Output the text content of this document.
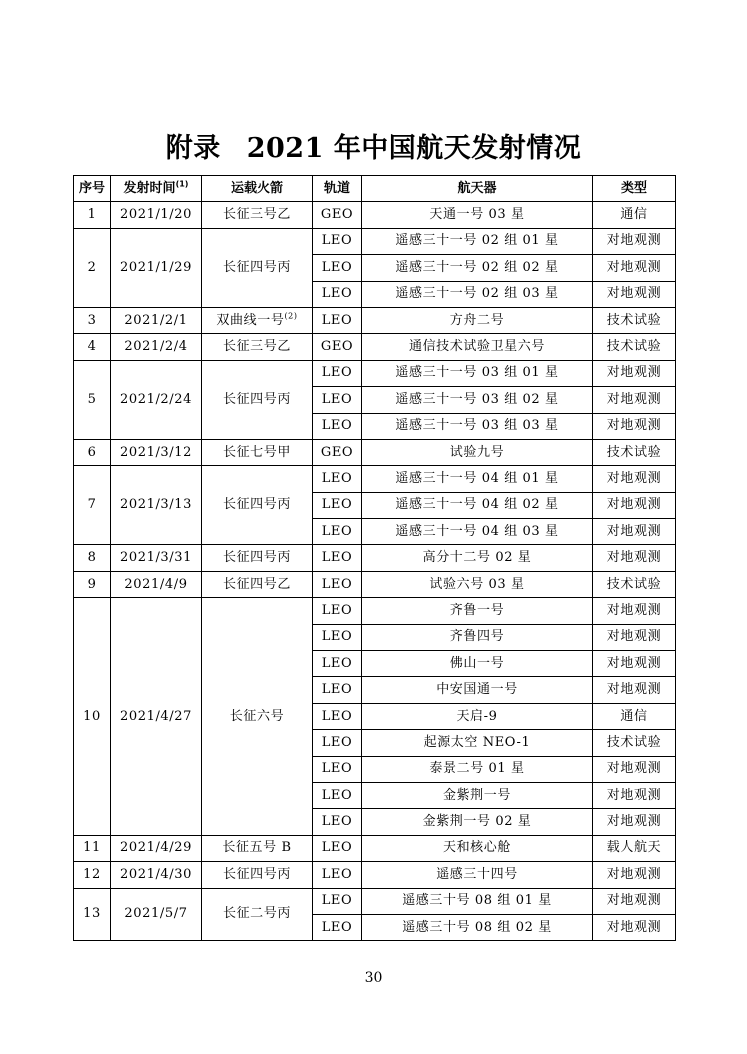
附录 2021 年中国航天发射情况
序号	发射时间$^{(1)}$	运载火箭	轨道	航天器	类型
1	2021/1/20	长征三号乙	GEO	天通一号 03 星	通信
2	2021/1/29	长征四号丙	LEO	遥感三十一号 02 组 01 星	对地观测
			LEO	遥感三十一号 02 组 02 星	对地观测
			LEO	遥感三十一号 02 组 03 星	对地观测
3	2021/2/1	双曲线一号$^{(2)}$	LEO	方舟二号	技术试验
4	2021/2/4	长征三号乙	GEO	通信技术试验卫星六号	技术试验
5	2021/2/24	长征四号丙	LEO	遥感三十一号 03 组 01 星	对地观测
			LEO	遥感三十一号 03 组 02 星	对地观测
			LEO	遥感三十一号 03 组 03 星	对地观测
6	2021/3/12	长征七号甲	GEO	试验九号	技术试验
7	2021/3/13	长征四号丙	LEO	遥感三十一号 04 组 01 星	对地观测
			LEO	遥感三十一号 04 组 02 星	对地观测
			LEO	遥感三十一号 04 组 03 星	对地观测
8	2021/3/31	长征四号丙	LEO	高分十二号 02 星	对地观测
9	2021/4/9	长征四号乙	LEO	试验六号 03 星	技术试验
10	2021/4/27	长征六号	LEO	齐鲁一号	对地观测
			LEO	齐鲁四号	对地观测
			LEO	佛山一号	对地观测
			LEO	中安国通一号	对地观测
			LEO	天启-9	通信
			LEO	起源太空 NEO-1	技术试验
			LEO	泰景二号 01 星	对地观测
			LEO	金紫荆一号	对地观测
			LEO	金紫荆一号 02 星	对地观测
11	2021/4/29	长征五号 B	LEO	天和核心舱	载人航天
12	2021/4/30	长征四号丙	LEO	遥感三十四号	对地观测
13	2021/5/7	长征二号丙	LEO	遥感三十号 08 组 01 星	对地观测
			LEO	遥感三十号 08 组 02 星	对地观测
30
